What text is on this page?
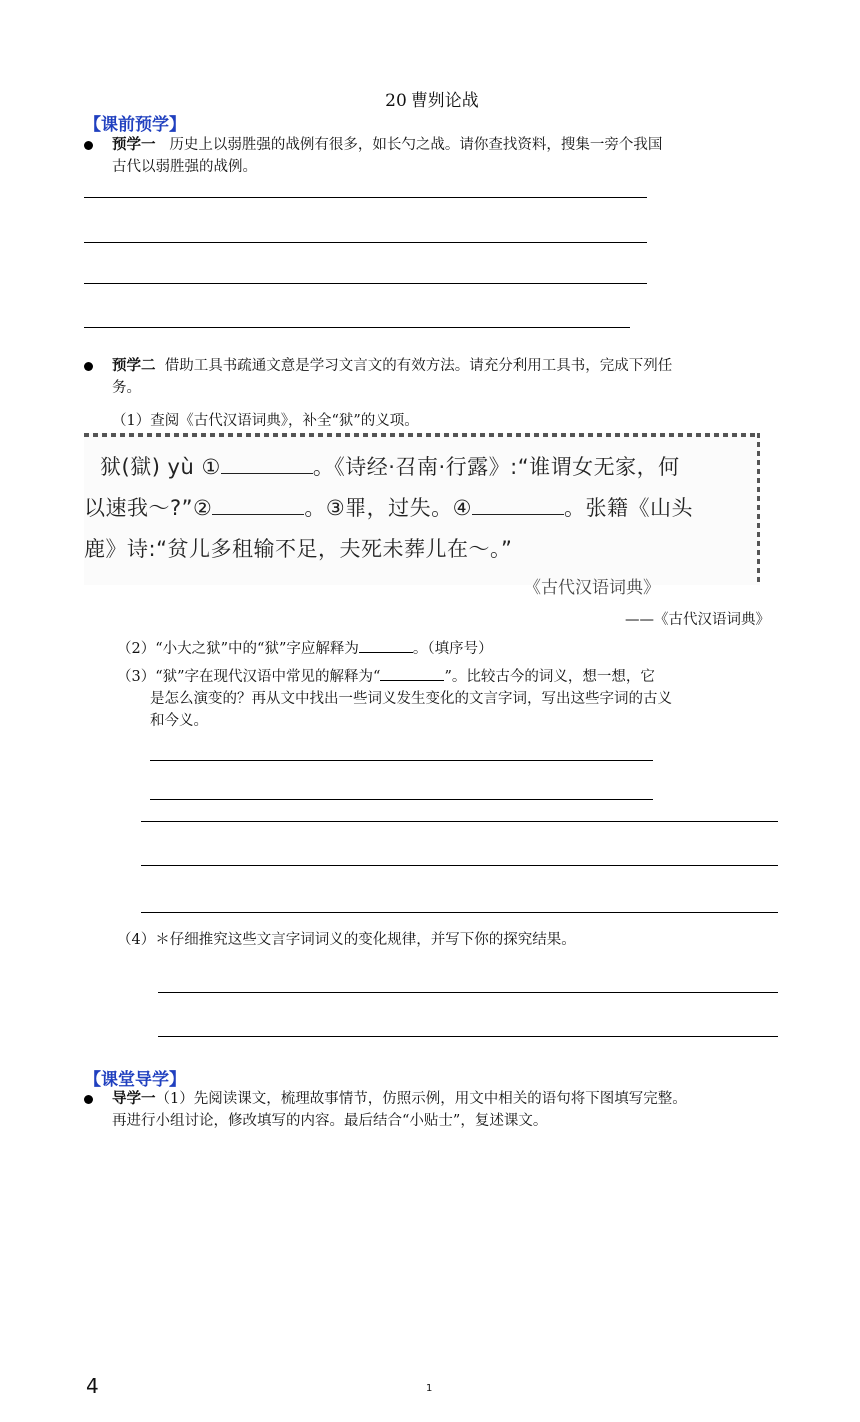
20 曹刿论战
【课前预学】
预学一 历史上以弱胜强的战例有很多，如长勺之战。请你查找资料，搜集一旁个我国
古代以弱胜强的战例。
预学二 借助工具书疏通文意是学习文言文的有效方法。请充分利用工具书，完成下列任
务。
（1）查阅《古代汉语词典》，补全“狱”的义项。
狱(獄) yù ①	。《诗经·召南·行露》:“谁谓女无家，何
以速我～?”②	。③罪，过失。④	。张籍《山头
鹿》诗:“贫儿多租输不足，夫死未葬儿在～。”
《古代汉语词典》
——《古代汉语词典》
（2）“小大之狱”中的“狱”字应解释为	。（填序号）
（3）“狱”字在现代汉语中常见的解释为“	”。比较古今的词义，想一想，它
是怎么演变的？再从文中找出一些词义发生变化的文言字词，写出这些字词的古义
和今义。
（4）＊仔细推究这些文言字词词义的变化规律，并写下你的探究结果。
【课堂导学】
导学一（1）先阅读课文，梳理故事情节，仿照示例，用文中相关的语句将下图填写完整。
再进行小组讨论，修改填写的内容。最后结合“小贴士”，复述课文。
4	1
